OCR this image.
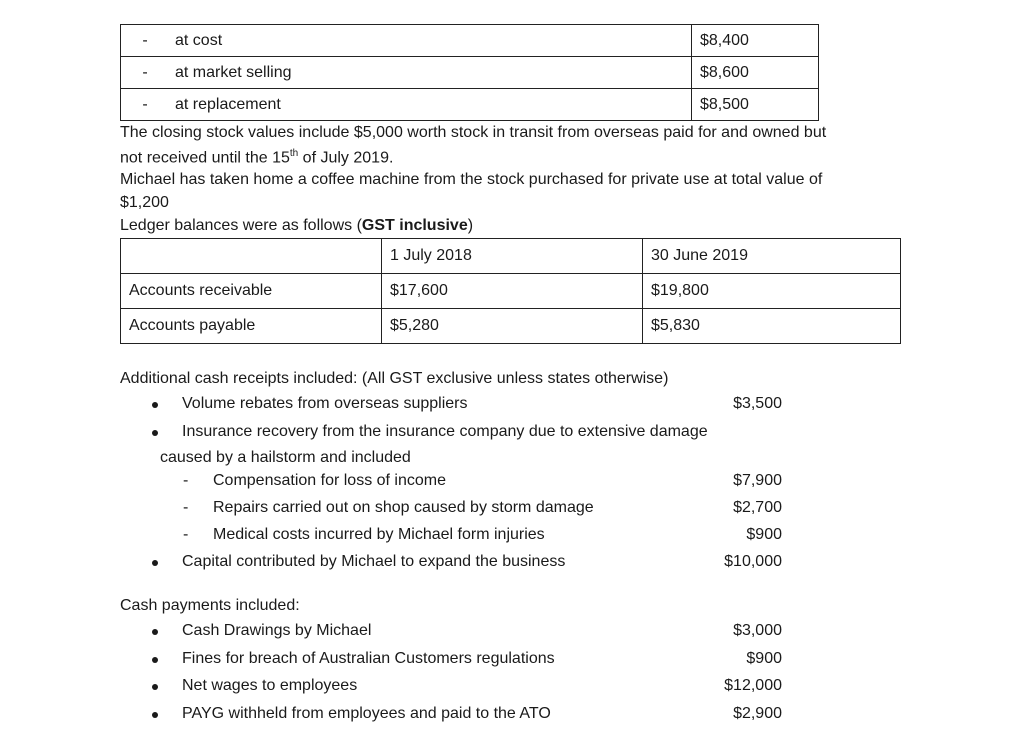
- at cost	$8,400
- at market selling	$8,600
- at replacement	$8,500
The closing stock values include $5,000 worth stock in transit from overseas paid for and owned but
not received until the 15th of July 2019.
Michael has taken home a coffee machine from the stock purchased for private use at total value of
$1,200
Ledger balances were as follows (GST inclusive)
	1 July 2018	30 June 2019
Accounts receivable	$17,600	$19,800
Accounts payable	$5,280	$5,830
Additional cash receipts included: (All GST exclusive unless states otherwise)
Volume rebates from overseas suppliers	$3,500
Insurance recovery from the insurance company due to extensive damage
caused by a hailstorm and included
- Compensation for loss of income	$7,900
- Repairs carried out on shop caused by storm damage	$2,700
- Medical costs incurred by Michael form injuries	$900
Capital contributed by Michael to expand the business	$10,000
Cash payments included:
Cash Drawings by Michael	$3,000
Fines for breach of Australian Customers regulations	$900
Net wages to employees	$12,000
PAYG withheld from employees and paid to the ATO	$2,900
